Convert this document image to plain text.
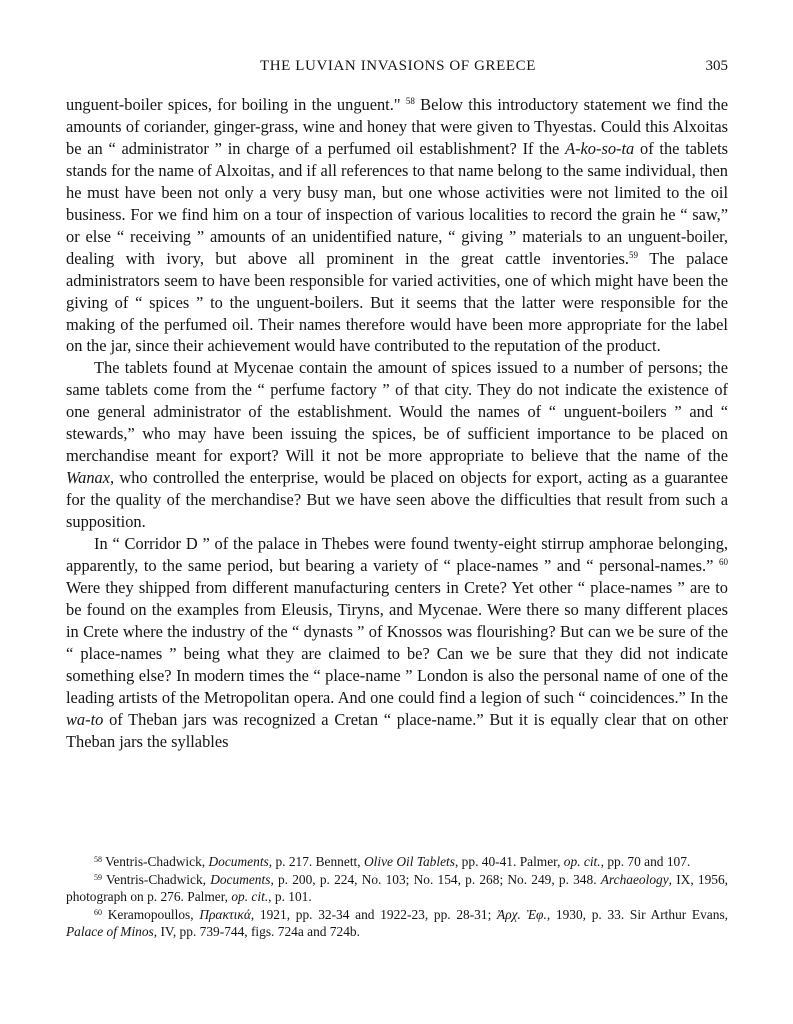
THE LUVIAN INVASIONS OF GREECE	305

unguent-boiler spices, for boiling in the unguent." $^{58}$ Below this introductory statement we find the amounts of coriander, ginger-grass, wine and honey that were given to Thyestas. Could this Alxoitas be an “ administrator ” in charge of a perfumed oil establishment? If the A-ko-so-ta of the tablets stands for the name of Alxoitas, and if all references to that name belong to the same individual, then he must have been not only a very busy man, but one whose activities were not limited to the oil business. For we find him on a tour of inspection of various localities to record the grain he “ saw,” or else “ receiving ” amounts of an unidentified nature, “ giving ” materials to an unguent-boiler, dealing with ivory, but above all prominent in the great cattle inventories.$^{59}$ The palace administrators seem to have been responsible for varied activities, one of which might have been the giving of “ spices ” to the unguent-boilers. But it seems that the latter were responsible for the making of the perfumed oil. Their names therefore would have been more appropriate for the label on the jar, since their achievement would have contributed to the reputation of the product.

The tablets found at Mycenae contain the amount of spices issued to a number of persons; the same tablets come from the “ perfume factory ” of that city. They do not indicate the existence of one general administrator of the establishment. Would the names of “ unguent-boilers ” and “ stewards,” who may have been issuing the spices, be of sufficient importance to be placed on merchandise meant for export? Will it not be more appropriate to believe that the name of the Wanax, who controlled the enterprise, would be placed on objects for export, acting as a guarantee for the quality of the merchandise? But we have seen above the difficulties that result from such a supposition.

In “ Corridor D ” of the palace in Thebes were found twenty-eight stirrup amphorae belonging, apparently, to the same period, but bearing a variety of “ place-names ” and “ personal-names.” $^{60}$ Were they shipped from different manufacturing centers in Crete? Yet other “ place-names ” are to be found on the examples from Eleusis, Tiryns, and Mycenae. Were there so many different places in Crete where the industry of the “ dynasts ” of Knossos was flourishing? But can we be sure of the “ place-names ” being what they are claimed to be? Can we be sure that they did not indicate something else? In modern times the “ place-name ” London is also the personal name of one of the leading artists of the Metropolitan opera. And one could find a legion of such “ coincidences.” In the wa-to of Theban jars was recognized a Cretan “ place-name.” But it is equally clear that on other Theban jars the syllables

$^{58}$ Ventris-Chadwick, Documents, p. 217. Bennett, Olive Oil Tablets, pp. 40-41. Palmer, op. cit., pp. 70 and 107.

$^{59}$ Ventris-Chadwick, Documents, p. 200, p. 224, No. 103; No. 154, p. 268; No. 249, p. 348. Archaeology, IX, 1956, photograph on p. 276. Palmer, op. cit., p. 101.

$^{60}$ Keramopoullos, Πρακτικά, 1921, pp. 32-34 and 1922-23, pp. 28-31; Ἀρχ. Ἐφ., 1930, p. 33. Sir Arthur Evans, Palace of Minos, IV, pp. 739-744, figs. 724a and 724b.
